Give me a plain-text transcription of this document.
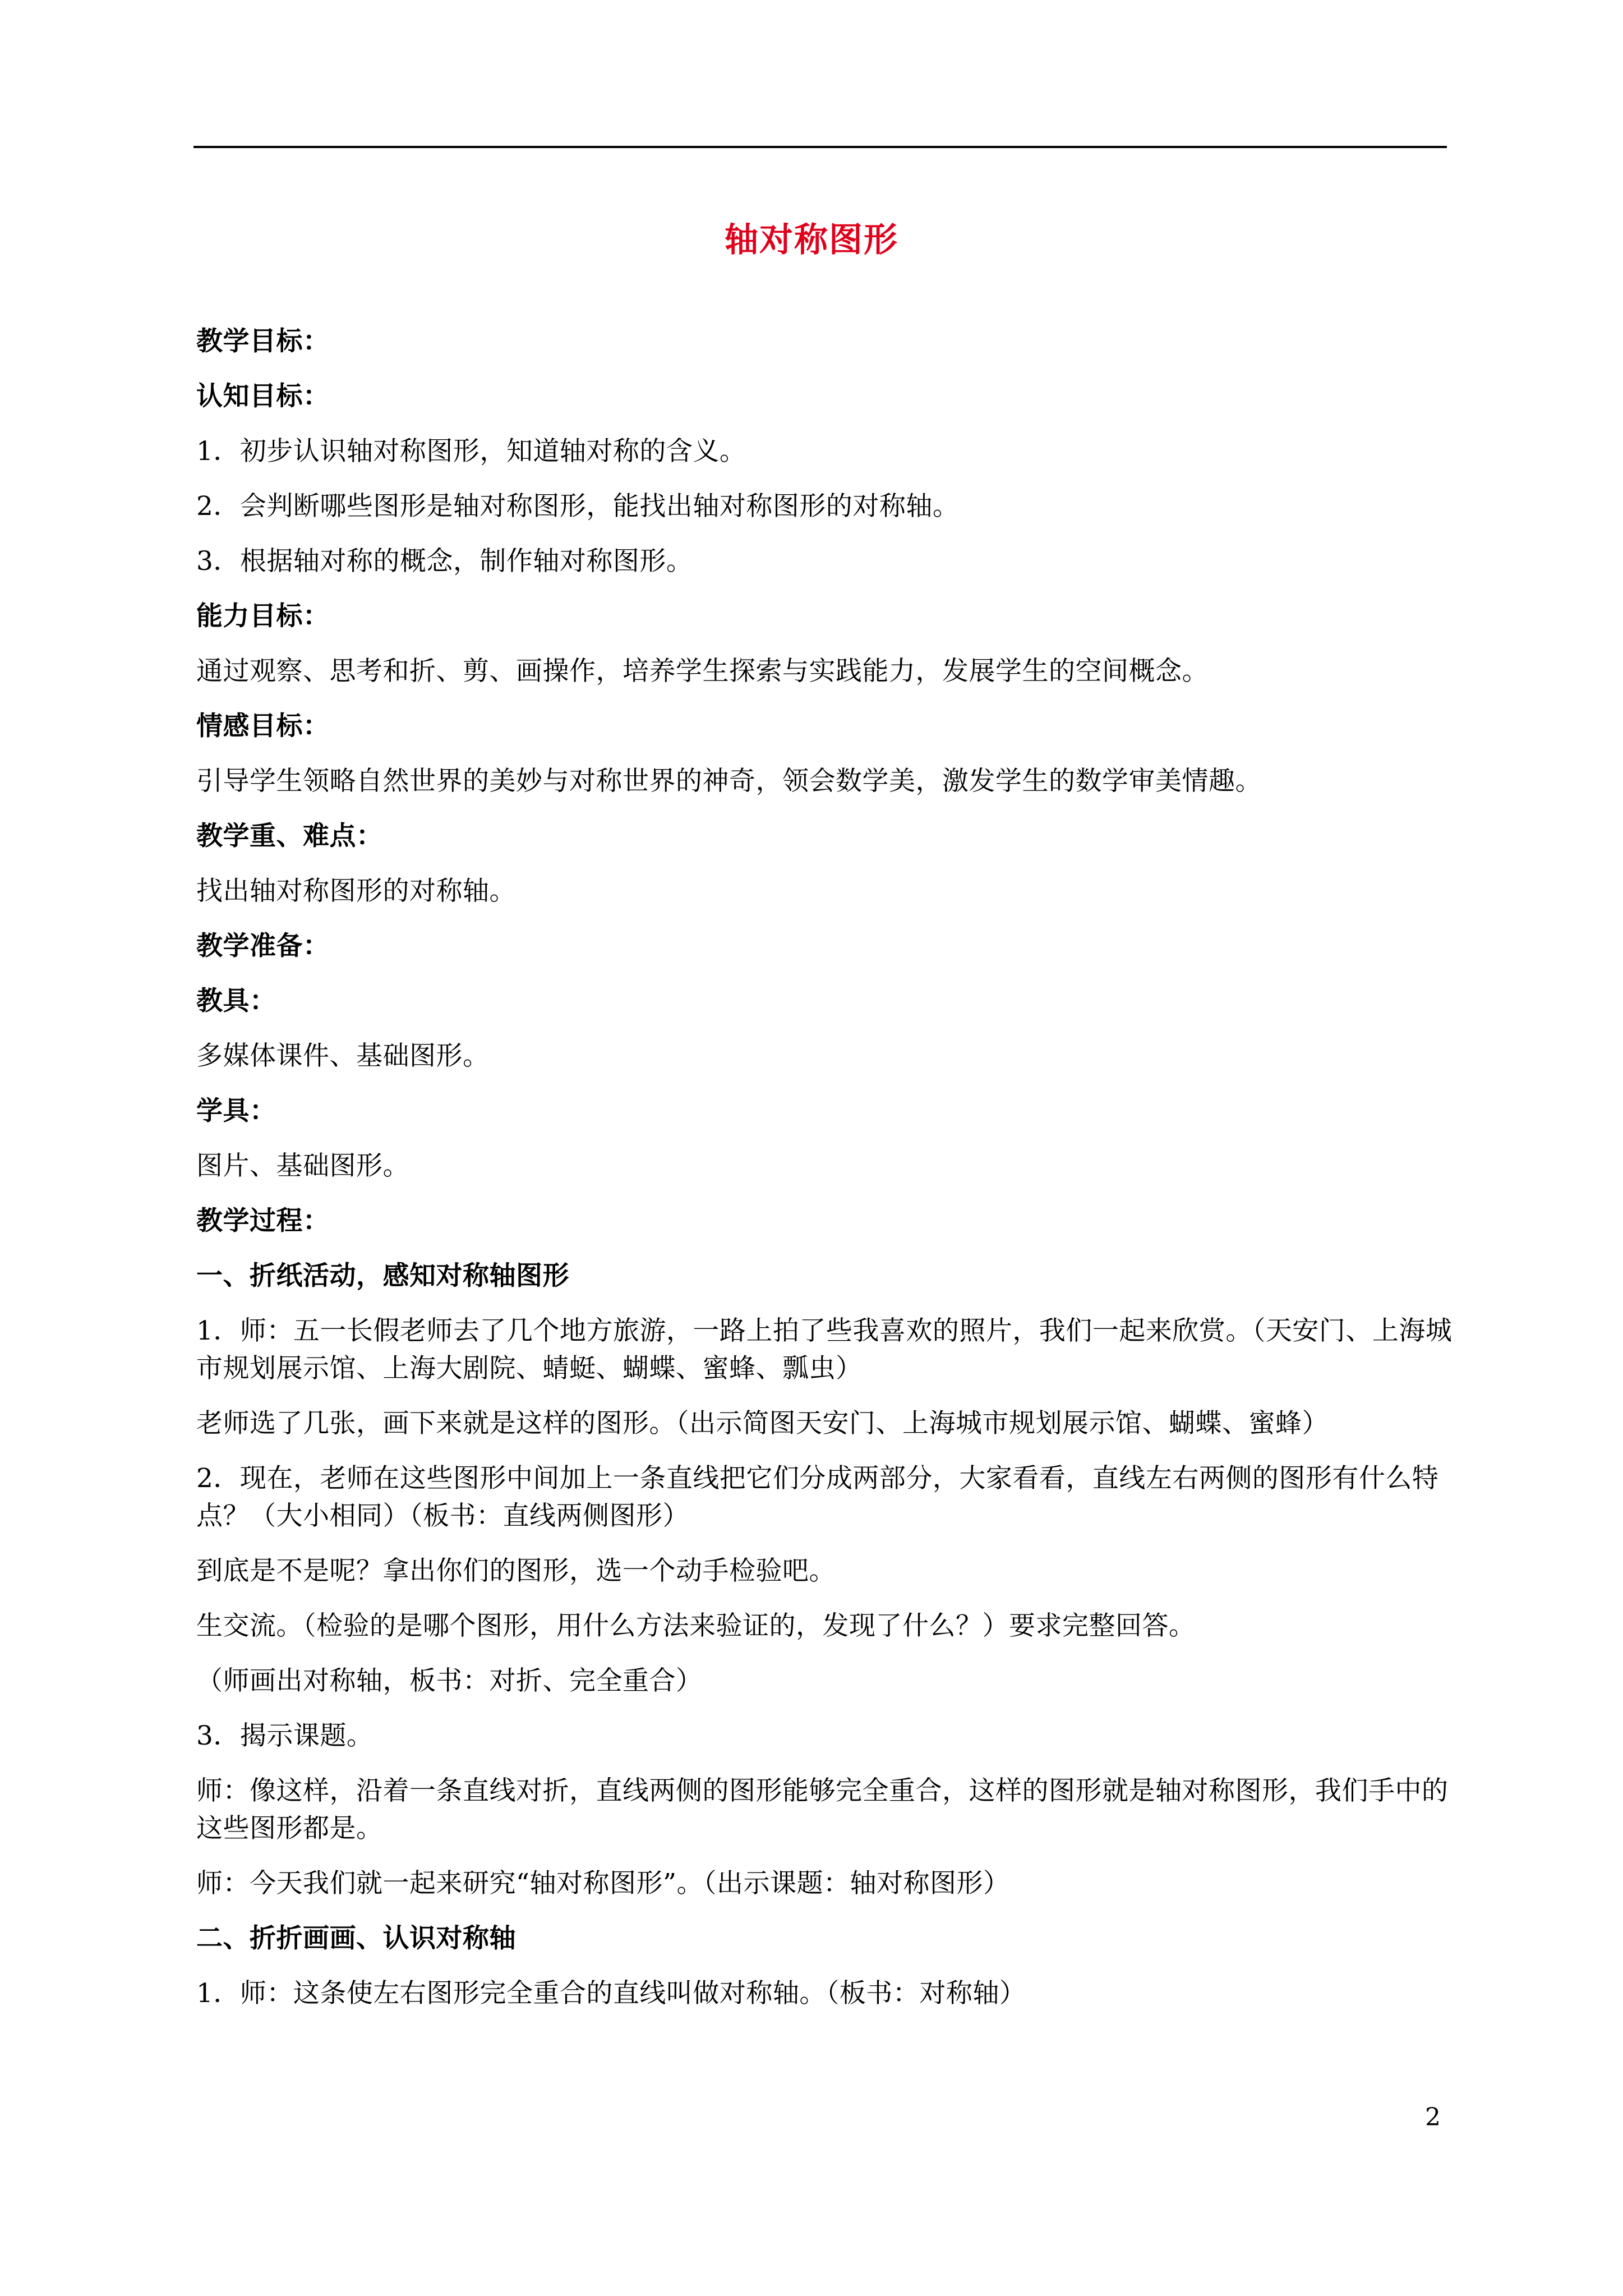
轴对称图形
教学目标：
认知目标：
1．初步认识轴对称图形，知道轴对称的含义。
2．会判断哪些图形是轴对称图形，能找出轴对称图形的对称轴。
3．根据轴对称的概念，制作轴对称图形。
能力目标：
通过观察、思考和折、剪、画操作，培养学生探索与实践能力，发展学生的空间概念。
情感目标：
引导学生领略自然世界的美妙与对称世界的神奇，领会数学美，激发学生的数学审美情趣。
教学重、难点：
找出轴对称图形的对称轴。
教学准备：
教具：
多媒体课件、基础图形。
学具：
图片、基础图形。
教学过程：
一、折纸活动，感知对称轴图形
1．师：五一长假老师去了几个地方旅游，一路上拍了些我喜欢的照片，我们一起来欣赏。（天安门、上海城市规划展示馆、上海大剧院、蜻蜓、蝴蝶、蜜蜂、瓢虫）
老师选了几张，画下来就是这样的图形。（出示简图天安门、上海城市规划展示馆、蝴蝶、蜜蜂）
2．现在，老师在这些图形中间加上一条直线把它们分成两部分，大家看看，直线左右两侧的图形有什么特点？（大小相同）（板书：直线两侧图形）
到底是不是呢？拿出你们的图形，选一个动手检验吧。
生交流。（检验的是哪个图形，用什么方法来验证的，发现了什么？）要求完整回答。
（师画出对称轴，板书：对折、完全重合）
3．揭示课题。
师：像这样，沿着一条直线对折，直线两侧的图形能够完全重合，这样的图形就是轴对称图形，我们手中的这些图形都是。
师：今天我们就一起来研究“轴对称图形”。（出示课题：轴对称图形）
二、折折画画、认识对称轴
1．师：这条使左右图形完全重合的直线叫做对称轴。（板书：对称轴）
2
